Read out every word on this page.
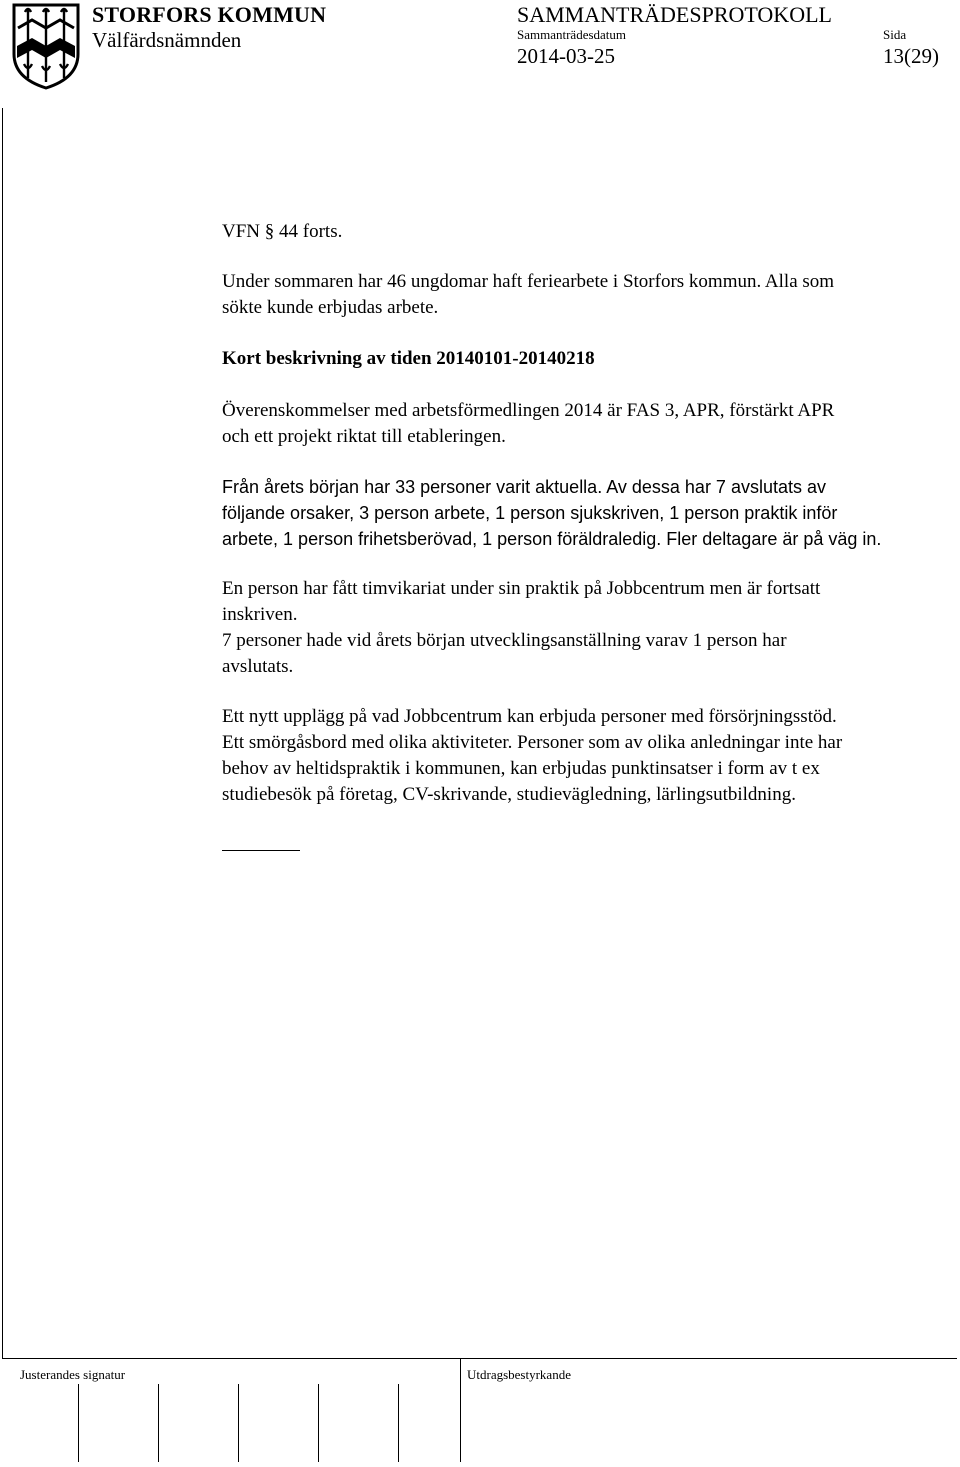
STORFORS KOMMUN
Välfärdsnämnden
SAMMANTRÄDESPROTOKOLL
Sammanträdesdatum
2014-03-25
Sida
13(29)
VFN § 44 forts.
Under sommaren har 46 ungdomar haft feriearbete i Storfors kommun. Alla som
sökte kunde erbjudas arbete.
Kort beskrivning av tiden 20140101-20140218
Överenskommelser med arbetsförmedlingen 2014 är FAS 3, APR, förstärkt APR
och ett projekt riktat till etableringen.
Från årets början har 33 personer varit aktuella. Av dessa har 7 avslutats av
följande orsaker, 3 person arbete, 1 person sjukskriven, 1 person praktik inför
arbete, 1 person frihetsberövad, 1 person föräldraledig. Fler deltagare är på väg in.
En person har fått timvikariat under sin praktik på Jobbcentrum men är fortsatt
inskriven.
7 personer hade vid årets början utvecklingsanställning varav 1 person har
avslutats.
Ett nytt upplägg på vad Jobbcentrum kan erbjuda personer med försörjningsstöd.
Ett smörgåsbord med olika aktiviteter. Personer som av olika anledningar inte har
behov av heltidspraktik i kommunen, kan erbjudas punktinsatser i form av t ex
studiebesök på företag, CV-skrivande, studievägledning, lärlingsutbildning.
Justerandes signatur	Utdragsbestyrkande
